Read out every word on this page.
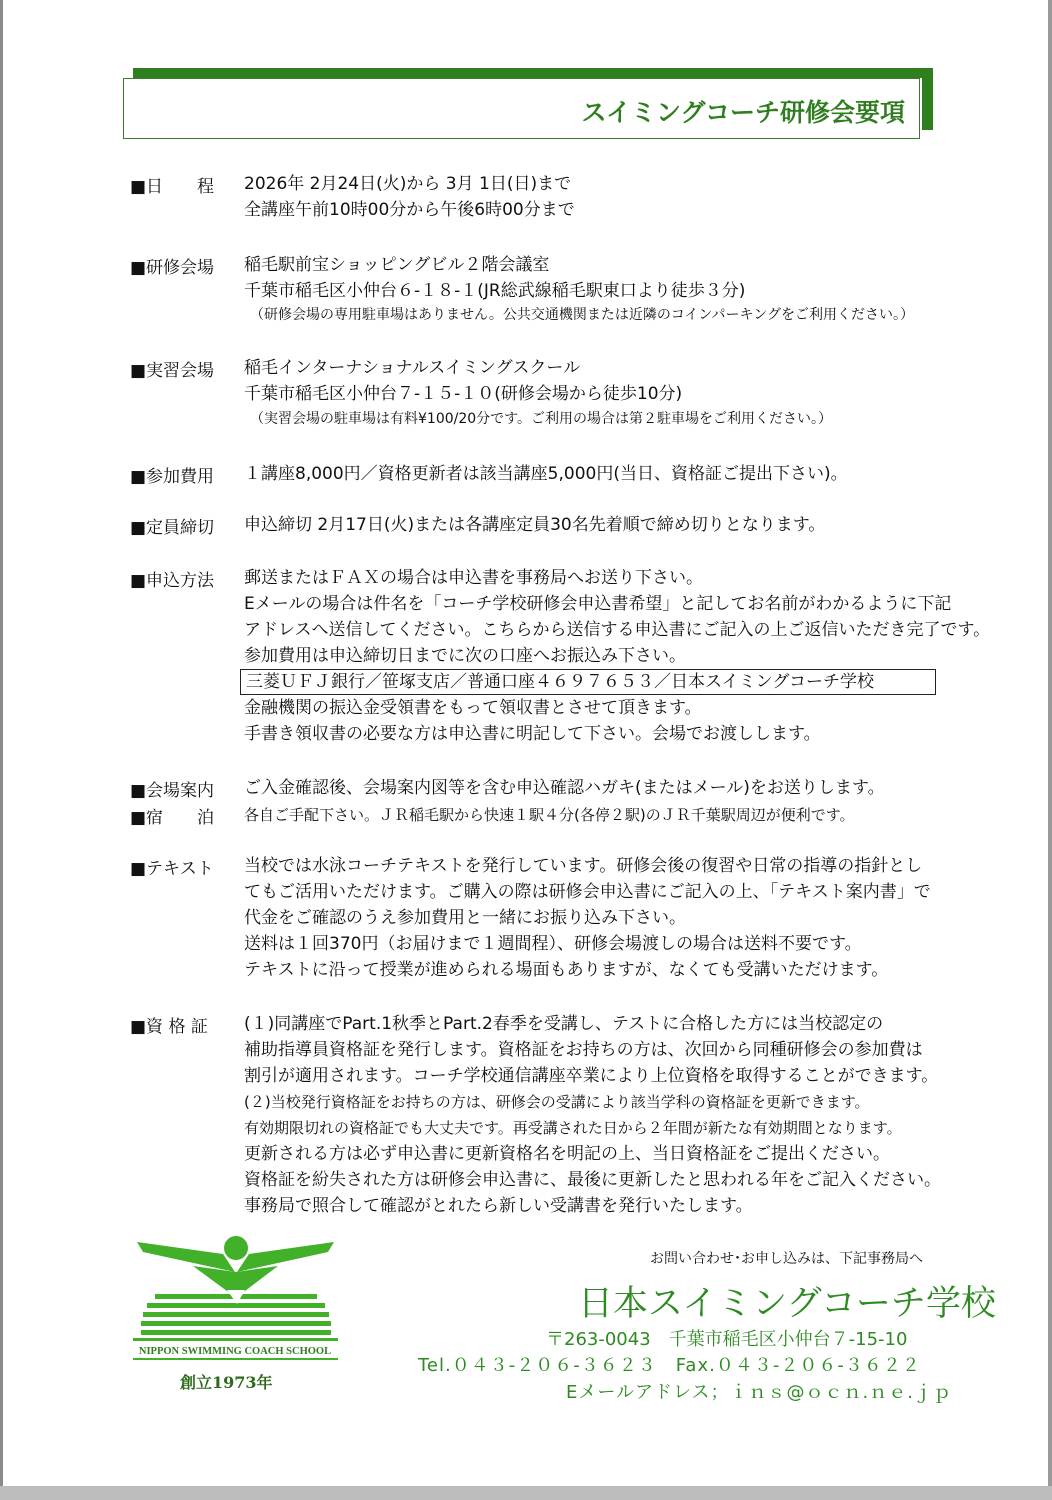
スイミングコーチ研修会要項
■日　　程	2026年 2月24日(火)から 3月 1日(日)まで
全講座午前10時00分から午後6時00分まで
■研修会場	稲毛駅前宝ショッピングビル２階会議室
千葉市稲毛区小仲台６-１８-１(JR総武線稲毛駅東口より徒歩３分)
（研修会場の専用駐車場はありません。公共交通機関または近隣のコインパーキングをご利用ください。）
■実習会場	稲毛インターナショナルスイミングスクール
千葉市稲毛区小仲台７-１５-１０(研修会場から徒歩10分)
（実習会場の駐車場は有料¥100/20分です。ご利用の場合は第２駐車場をご利用ください。）
■参加費用	１講座8,000円／資格更新者は該当講座5,000円(当日、資格証ご提出下さい)。
■定員締切	申込締切 2月17日(火)または各講座定員30名先着順で締め切りとなります。
■申込方法	郵送またはＦＡＸの場合は申込書を事務局へお送り下さい。
Eメールの場合は件名を「コーチ学校研修会申込書希望」と記してお名前がわかるように下記
アドレスへ送信してください。こちらから送信する申込書にご記入の上ご返信いただき完了です。
参加費用は申込締切日までに次の口座へお振込み下さい。
三菱ＵＦＪ銀行／笹塚支店／普通口座４６９７６５３／日本スイミングコーチ学校
金融機関の振込金受領書をもって領収書とさせて頂きます。
手書き領収書の必要な方は申込書に明記して下さい。会場でお渡しします。
■会場案内	ご入金確認後、会場案内図等を含む申込確認ハガキ(またはメール)をお送りします。
■宿　　泊	各自ご手配下さい。ＪＲ稲毛駅から快速１駅４分(各停２駅)のＪＲ千葉駅周辺が便利です。
■テキスト	当校では水泳コーチテキストを発行しています。研修会後の復習や日常の指導の指針とし
てもご活用いただけます。ご購入の際は研修会申込書にご記入の上、「テキスト案内書」で
代金をご確認のうえ参加費用と一緒にお振り込み下さい。
送料は１回370円（お届けまで１週間程）、研修会場渡しの場合は送料不要です。
テキストに沿って授業が進められる場面もありますが、なくても受講いただけます。
■資 格 証	(１)同講座でPart.1秋季とPart.2春季を受講し、テストに合格した方には当校認定の
補助指導員資格証を発行します。資格証をお持ちの方は、次回から同種研修会の参加費は
割引が適用されます。コーチ学校通信講座卒業により上位資格を取得することができます。
(２)当校発行資格証をお持ちの方は、研修会の受講により該当学科の資格証を更新できます。
有効期限切れの資格証でも大丈夫です。再受講された日から２年間が新たな有効期間となります。
更新される方は必ず申込書に更新資格名を明記の上、当日資格証をご提出ください。
資格証を紛失された方は研修会申込書に、最後に更新したと思われる年をご記入ください。
事務局で照合して確認がとれたら新しい受講書を発行いたします。
NIPPON SWIMMING COACH SCHOOL
創立1973年
お問い合わせ･お申し込みは、下記事務局へ
日本スイミングコーチ学校
〒263-0043　千葉市稲毛区小仲台７-15-10
Tel.０４３-２０６-３６２３　Fax.０４３-２０６-３６２２
Eメールアドレス；ｉｎｓ@ｏｃｎ.ｎｅ.ｊｐ
